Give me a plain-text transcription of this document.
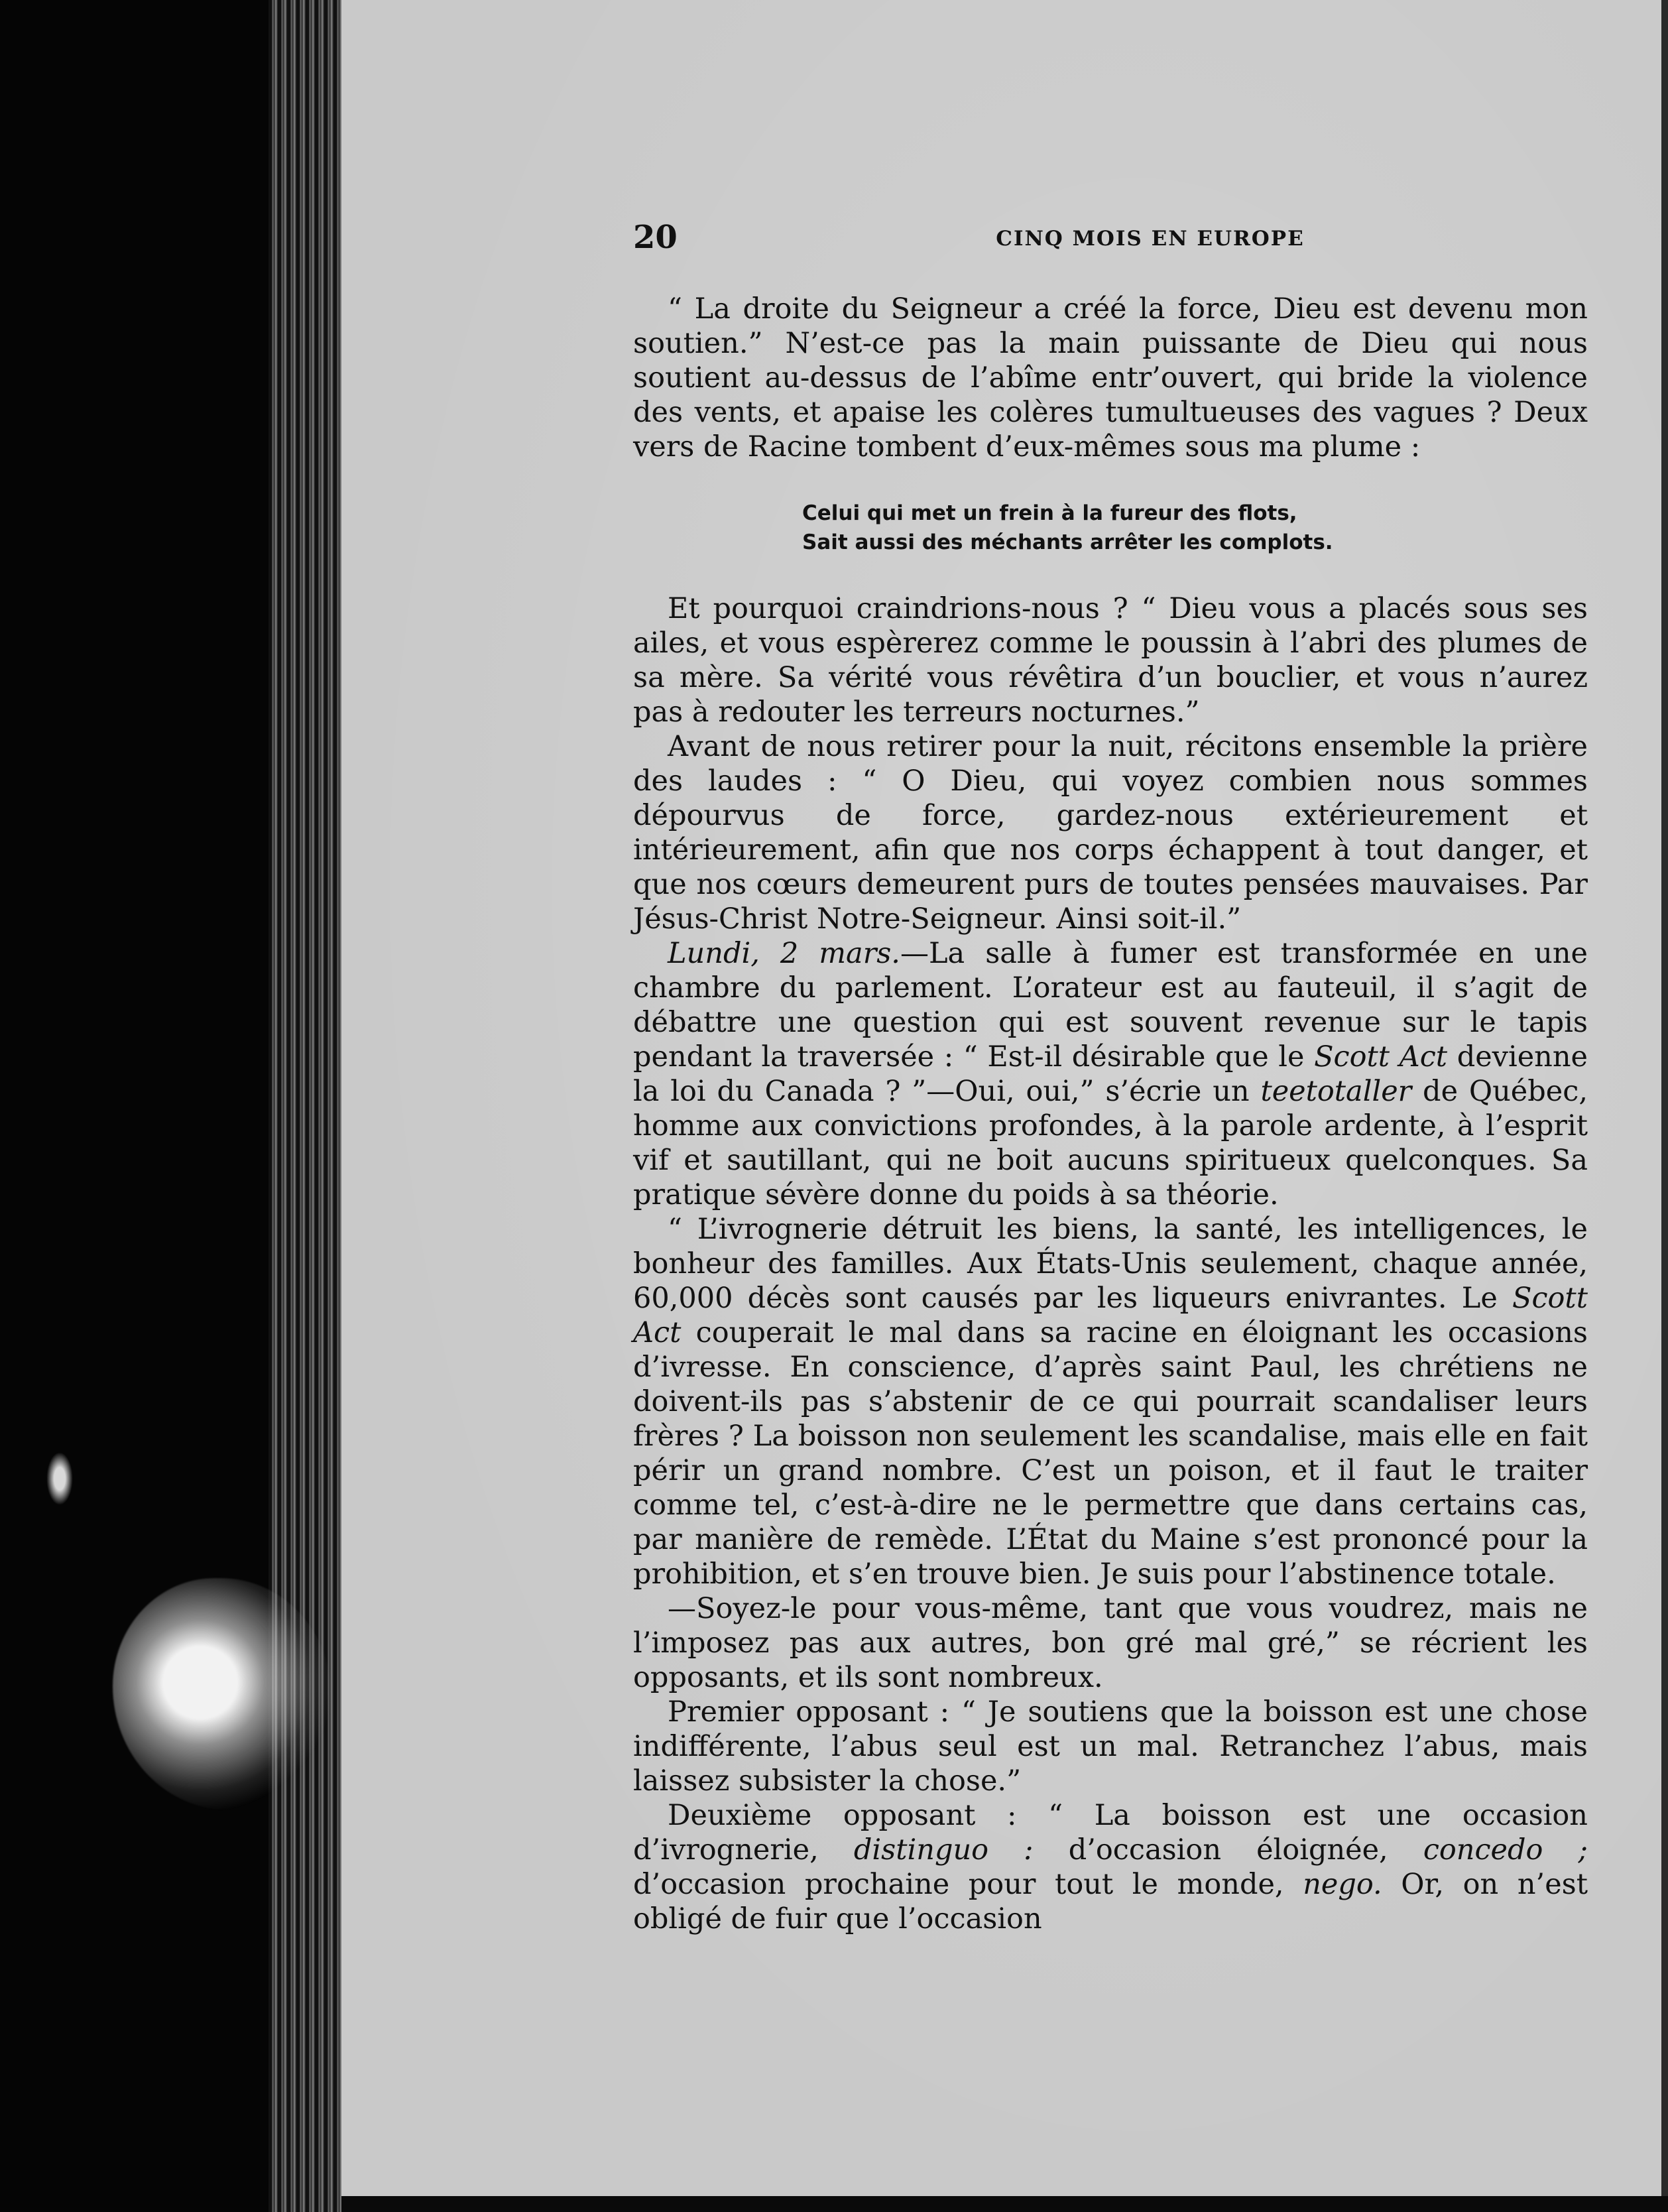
20	CINQ MOIS EN EUROPE

“ La droite du Seigneur a créé la force, Dieu est devenu mon soutien.” N’est-ce pas la main puissante de Dieu qui nous soutient au-dessus de l’abîme entr’ouvert, qui bride la violence des vents, et apaise les colères tumultueuses des vagues ? Deux vers de Racine tombent d’eux-mêmes sous ma plume :

Celui qui met un frein à la fureur des flots,
Sait aussi des méchants arrêter les complots.

Et pourquoi craindrions-nous ? “ Dieu vous a placés sous ses ailes, et vous espèrerez comme le poussin à l’abri des plumes de sa mère. Sa vérité vous révêtira d’un bouclier, et vous n’aurez pas à redouter les terreurs nocturnes.”

Avant de nous retirer pour la nuit, récitons ensemble la prière des laudes : “ O Dieu, qui voyez combien nous sommes dépourvus de force, gardez-nous extérieurement et intérieurement, afin que nos corps échappent à tout danger, et que nos cœurs demeurent purs de toutes pensées mauvaises. Par Jésus-Christ Notre-Seigneur. Ainsi soit-il.”

Lundi, 2 mars.—La salle à fumer est transformée en une chambre du parlement. L’orateur est au fauteuil, il s’agit de débattre une question qui est souvent revenue sur le tapis pendant la traversée : “ Est-il désirable que le Scott Act devienne la loi du Canada ? ”—Oui, oui,” s’écrie un teetotaller de Québec, homme aux convictions profondes, à la parole ardente, à l’esprit vif et sautillant, qui ne boit aucuns spiritueux quelconques. Sa pratique sévère donne du poids à sa théorie.

“ L’ivrognerie détruit les biens, la santé, les intelligences, le bonheur des familles. Aux États-Unis seulement, chaque année, 60,000 décès sont causés par les liqueurs enivrantes. Le Scott Act couperait le mal dans sa racine en éloignant les occasions d’ivresse. En conscience, d’après saint Paul, les chrétiens ne doivent-ils pas s’abstenir de ce qui pourrait scandaliser leurs frères ? La boisson non seulement les scandalise, mais elle en fait périr un grand nombre. C’est un poison, et il faut le traiter comme tel, c’est-à-dire ne le permettre que dans certains cas, par manière de remède. L’État du Maine s’est prononcé pour la prohibition, et s’en trouve bien. Je suis pour l’abstinence totale.

—Soyez-le pour vous-même, tant que vous voudrez, mais ne l’imposez pas aux autres, bon gré mal gré,” se récrient les opposants, et ils sont nombreux.

Premier opposant : “ Je soutiens que la boisson est une chose indifférente, l’abus seul est un mal. Retranchez l’abus, mais laissez subsister la chose.”

Deuxième opposant : “ La boisson est une occasion d’ivrognerie, distinguo : d’occasion éloignée, concedo ; d’occasion prochaine pour tout le monde, nego. Or, on n’est obligé de fuir que l’occasion
